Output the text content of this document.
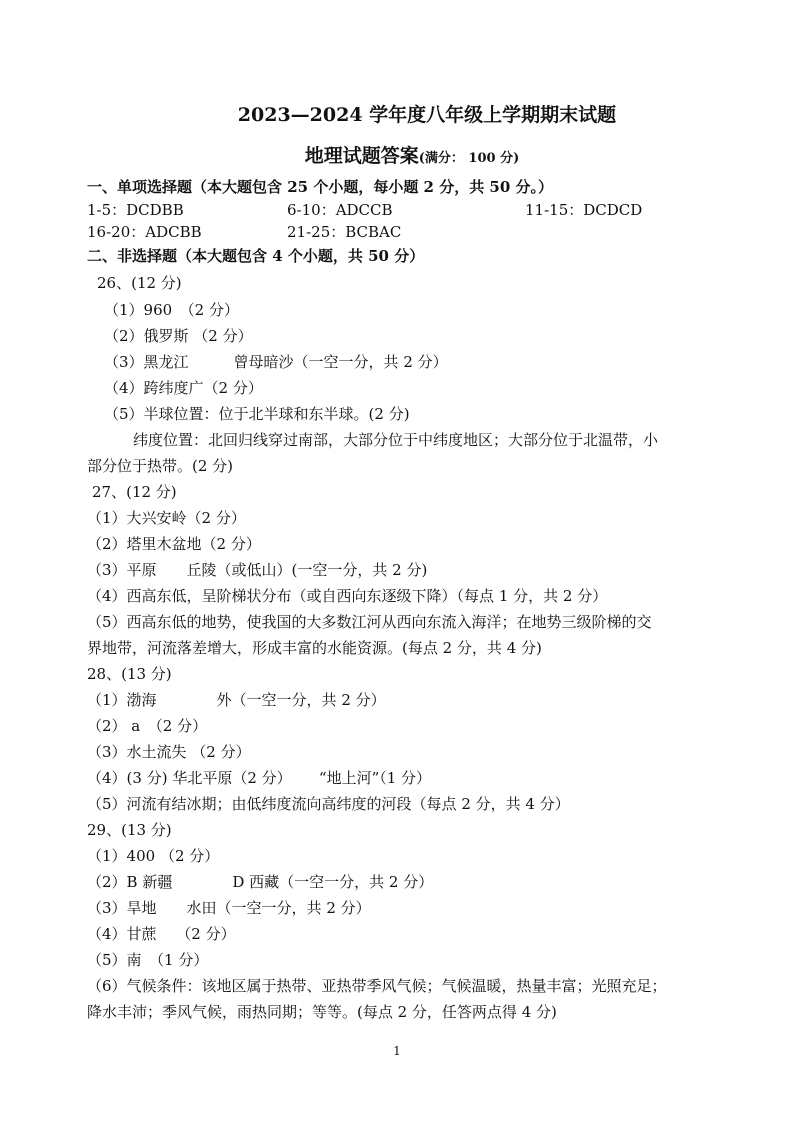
2023—2024 学年度八年级上学期期末试题
地理试题答案(满分： 100 分)
一、单项选择题（本大题包含 25 个小题，每小题 2 分，共 50 分。）
1-5：DCDBB	6-10：ADCCB	11-15：DCDCD
16-20：ADCBB	21-25：BCBAC
二、非选择题（本大题包含 4 个小题，共 50 分）
26、(12 分)
（1）960　（2 分）
（2）俄罗斯 （2 分）
（3）黑龙江　　　曾母暗沙（一空一分，共 2 分）
（4）跨纬度广（2 分）
（5）半球位置：位于北半球和东半球。(2 分)
纬度位置：北回归线穿过南部，大部分位于中纬度地区；大部分位于北温带，小
部分位于热带。(2 分)
27、(12 分)
（1）大兴安岭（2 分）
（2）塔里木盆地（2 分）
（3）平原　　丘陵（或低山）(一空一分，共 2 分)
（4）西高东低，呈阶梯状分布（或自西向东逐级下降）（每点 1 分，共 2 分）
（5）西高东低的地势，使我国的大多数江河从西向东流入海洋；在地势三级阶梯的交
界地带，河流落差增大，形成丰富的水能资源。(每点 2 分，共 4 分)
28、(13 分)
（1）渤海　　　　外（一空一分，共 2 分）
（2） a　（2 分）
（3）水土流失 （2 分）
（4）(3 分) 华北平原（2 分）　　 “地上河”（1 分）
（5）河流有结冰期；由低纬度流向高纬度的河段（每点 2 分，共 4 分）
29、(13 分)
（1）400 （2 分）
（2）B 新疆　　　　D 西藏（一空一分，共 2 分）
（3）旱地　　水田（一空一分，共 2 分）
（4）甘蔗　 （2 分）
（5）南　（1 分）
（6）气候条件：该地区属于热带、亚热带季风气候；气候温暖，热量丰富；光照充足；
降水丰沛；季风气候，雨热同期；等等。(每点 2 分，任答两点得 4 分)
1
